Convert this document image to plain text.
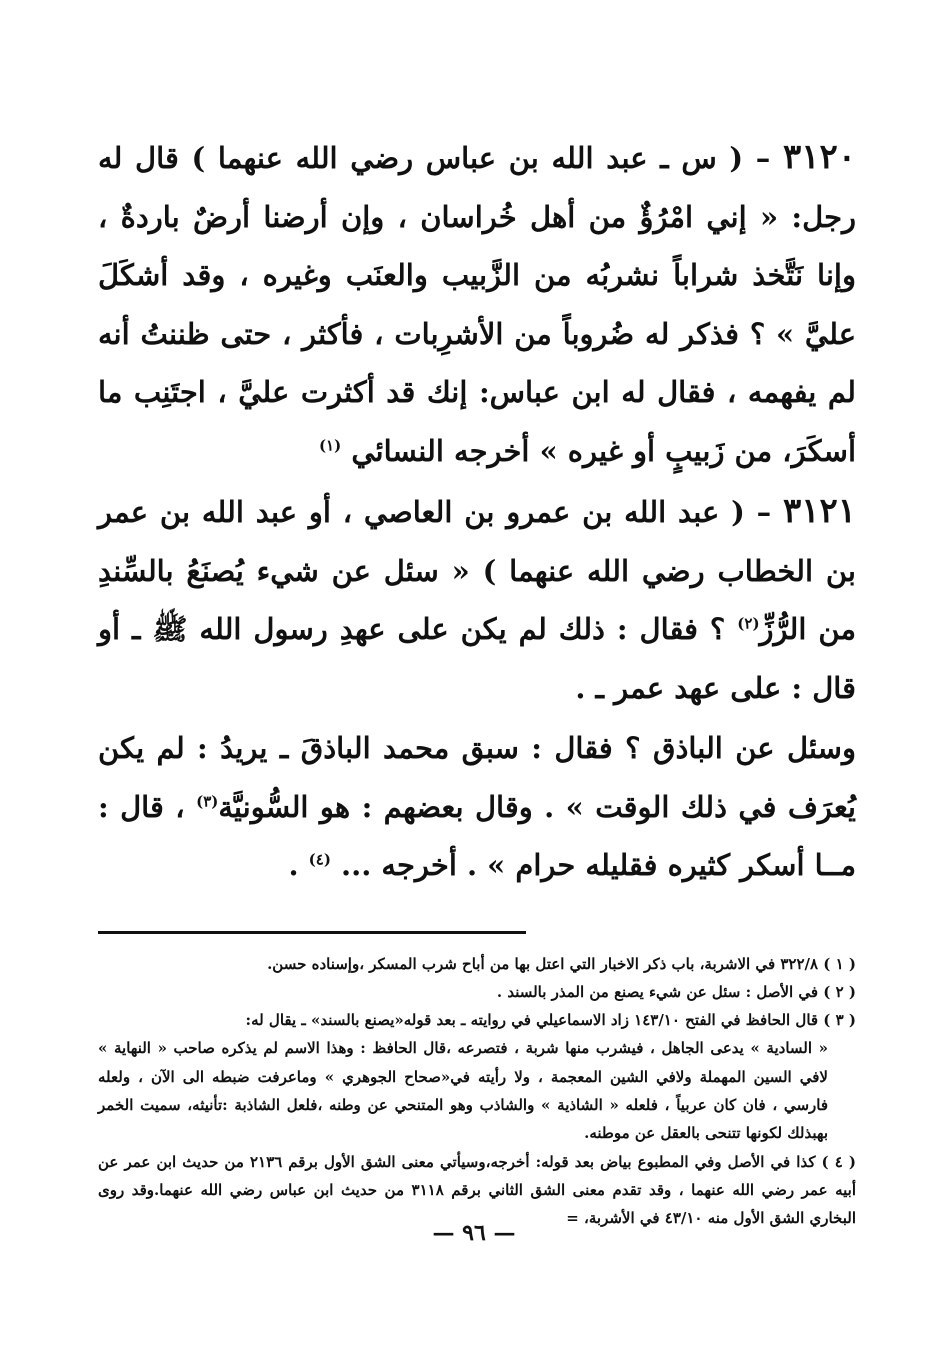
٣١٢٠ – ( س ـ عبد الله بن عباس رضي الله عنهما ) قال له رجل: « إني امْرُؤٌ من أهل خُراسان ، وإن أرضنا أرضٌ باردةٌ ، وإنا نَتَّخذ شراباً نشربُه من الزَّبيب والعنَب وغيره ، وقد أشكَلَ عليَّ » ؟ فذكر له ضُروباً من الأشرِبات ، فأكثر ، حتى ظننتُ أنه لم يفهمه ، فقال له ابن عباس: إنك قد أكثرت عليَّ ، اجتَنِب ما أسكَرَ، من زَبيبٍ أو غيره » أخرجه النسائي $^{(١)}$

٣١٢١ – ( عبد الله بن عمرو بن العاصي ، أو عبد الله بن عمر بن الخطاب رضي الله عنهما ) « سئل عن شيء يُصنَعُ بالسِّندِ من الرُّزِّ$^{(٢)}$ ؟ فقال : ذلك لم يكن على عهدِ رسول الله ﷺ ـ أو قال : على عهد عمر ـ .

وسئل عن الباذق ؟ فقال : سبق محمد الباذقَ ـ يريدُ : لم يكن يُعرَف في ذلك الوقت » . وقال بعضهم : هو السُّونيَّة$^{(٣)}$ ، قال : مــا أسكر كثيره فقليله حرام » . أخرجه ... $^{(٤)}$ .

( ١ ) ٣٢٢/٨ في الاشربة، باب ذكر الاخبار التي اعتل بها من أباح شرب المسكر ،وإسناده حسن.

( ٢ ) في الأصل : سئل عن شيء يصنع من المذر بالسند .

( ٣ ) قال الحافظ في الفتح ١٤٣/١٠ زاد الاسماعيلي في روايته ـ بعد قوله«يصنع بالسند» ـ يقال له:

« السادية » يدعى الجاهل ، فيشرب منها شربة ، فتصرعه ،قال الحافظ : وهذا الاسم لم يذكره صاحب « النهاية » لافي السين المهملة ولافي الشين المعجمة ، ولا رأيته في«صحاح الجوهري » وماعرفت ضبطه الى الآن ، ولعله فارسي ، فان كان عربياً ، فلعله « الشاذية » والشاذب وهو المتنحي عن وطنه ،فلعل الشاذبة :تأنيثه، سميت الخمر بهبذلك لكونها تتنحى بالعقل عن موطنه.

( ٤ ) كذا في الأصل وفي المطبوع بياض بعد قوله: أخرجه،وسيأتي معنى الشق الأول برقم ٢١٣٦ من حديث ابن عمر عن أبيه عمر رضي الله عنهما ، وقد تقدم معنى الشق الثاني برقم ٣١١٨ من حديث ابن عباس رضي الله عنهما.وقد روى البخاري الشق الأول منه ٤٣/١٠ في الأشربة، =

— ٩٦ —
